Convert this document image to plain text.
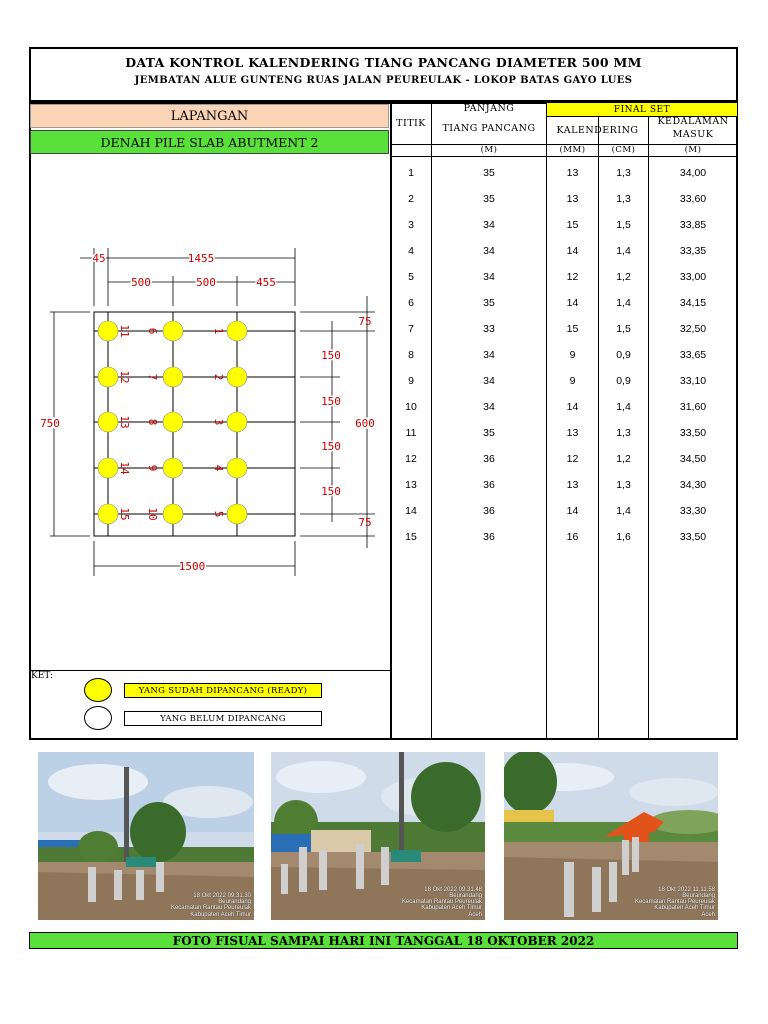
DATA KONTROL KALENDERING TIANG PANCANG DIAMETER 500 MM
JEMBATAN ALUE GUNTENG RUAS JALAN PEUREULAK - LOKOP BATAS GAYO LUES
LAPANGAN
DENAH PILE SLAB ABUTMENT 2
45	1455
500	500	455
750	600
75
150
150
150
150
75
1500
11 6	1
12 7	2
13 8	3
14 9	4
15 10	5
KET:
YANG SUDAH DIPANCANG (READY)
YANG BELUM DIPANCANG
FINAL SET
TITIK
PANJANG
TIANG PANCANG	KALENDERING
KEDALAMAN MASUK
(M)	(MM)	(CM)	(M)
1	35	13	1,3	34,00
2	35	13	1,3	33,60
3	34	15	1,5	33,85
4	34	14	1,4	33,35
5	34	12	1,2	33,00
6	35	14	1,4	34,15
7	33	15	1,5	32,50
8	34	9	0,9	33,65
9	34	9	0,9	33,10
10	34	14	1,4	31,60
11	35	13	1,3	33,50
12	36	12	1,2	34,50
13	36	13	1,3	34,30
14	36	14	1,4	33,30
15	36	16	1,6	33,50
18 Okt 2022 09.31.30
Beurandang
Kecamatan Rantau Peureulak
Kabupaten Aceh Timur
18 Okt 2022 09.31.48
Beurandang
Kecamatan Rantau Peureulak
Kabupaten Aceh Timur
Aceh
18 Okt 2022 11.11.58
Beurandang
Kecamatan Rantau Peureulak
Kabupaten Aceh Timur
Aceh
FOTO FISUAL SAMPAI HARI INI TANGGAL 18 OKTOBER 2022
